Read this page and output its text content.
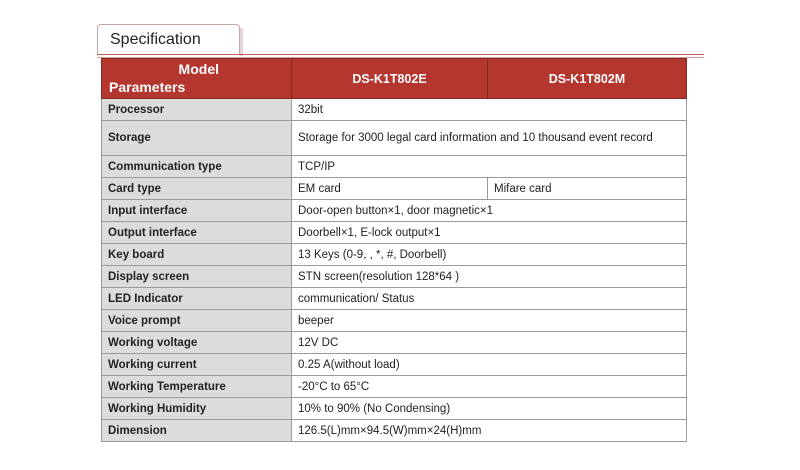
Specification
Model
Parameters	DS-K1T802E	DS-K1T802M
Processor	32bit	
Storage	Storage for 3000 legal card information and 10 thousand event record	
Communication type	TCP/IP	
Card type	EM card	Mifare card
Input interface	Door-open button×1, door magnetic×1	
Output interface	Doorbell×1, E-lock output×1	
Key board	13 Keys (0-9, , *, #, Doorbell)	
Display screen	STN screen(resolution 128*64 )	
LED Indicator	communication/ Status	
Voice prompt	beeper	
Working voltage	12V DC	
Working current	0.25 A(without load)	
Working Temperature	-20°C to 65°C	
Working Humidity	10% to 90% (No Condensing)	
Dimension	126.5(L)mm×94.5(W)mm×24(H)mm	
